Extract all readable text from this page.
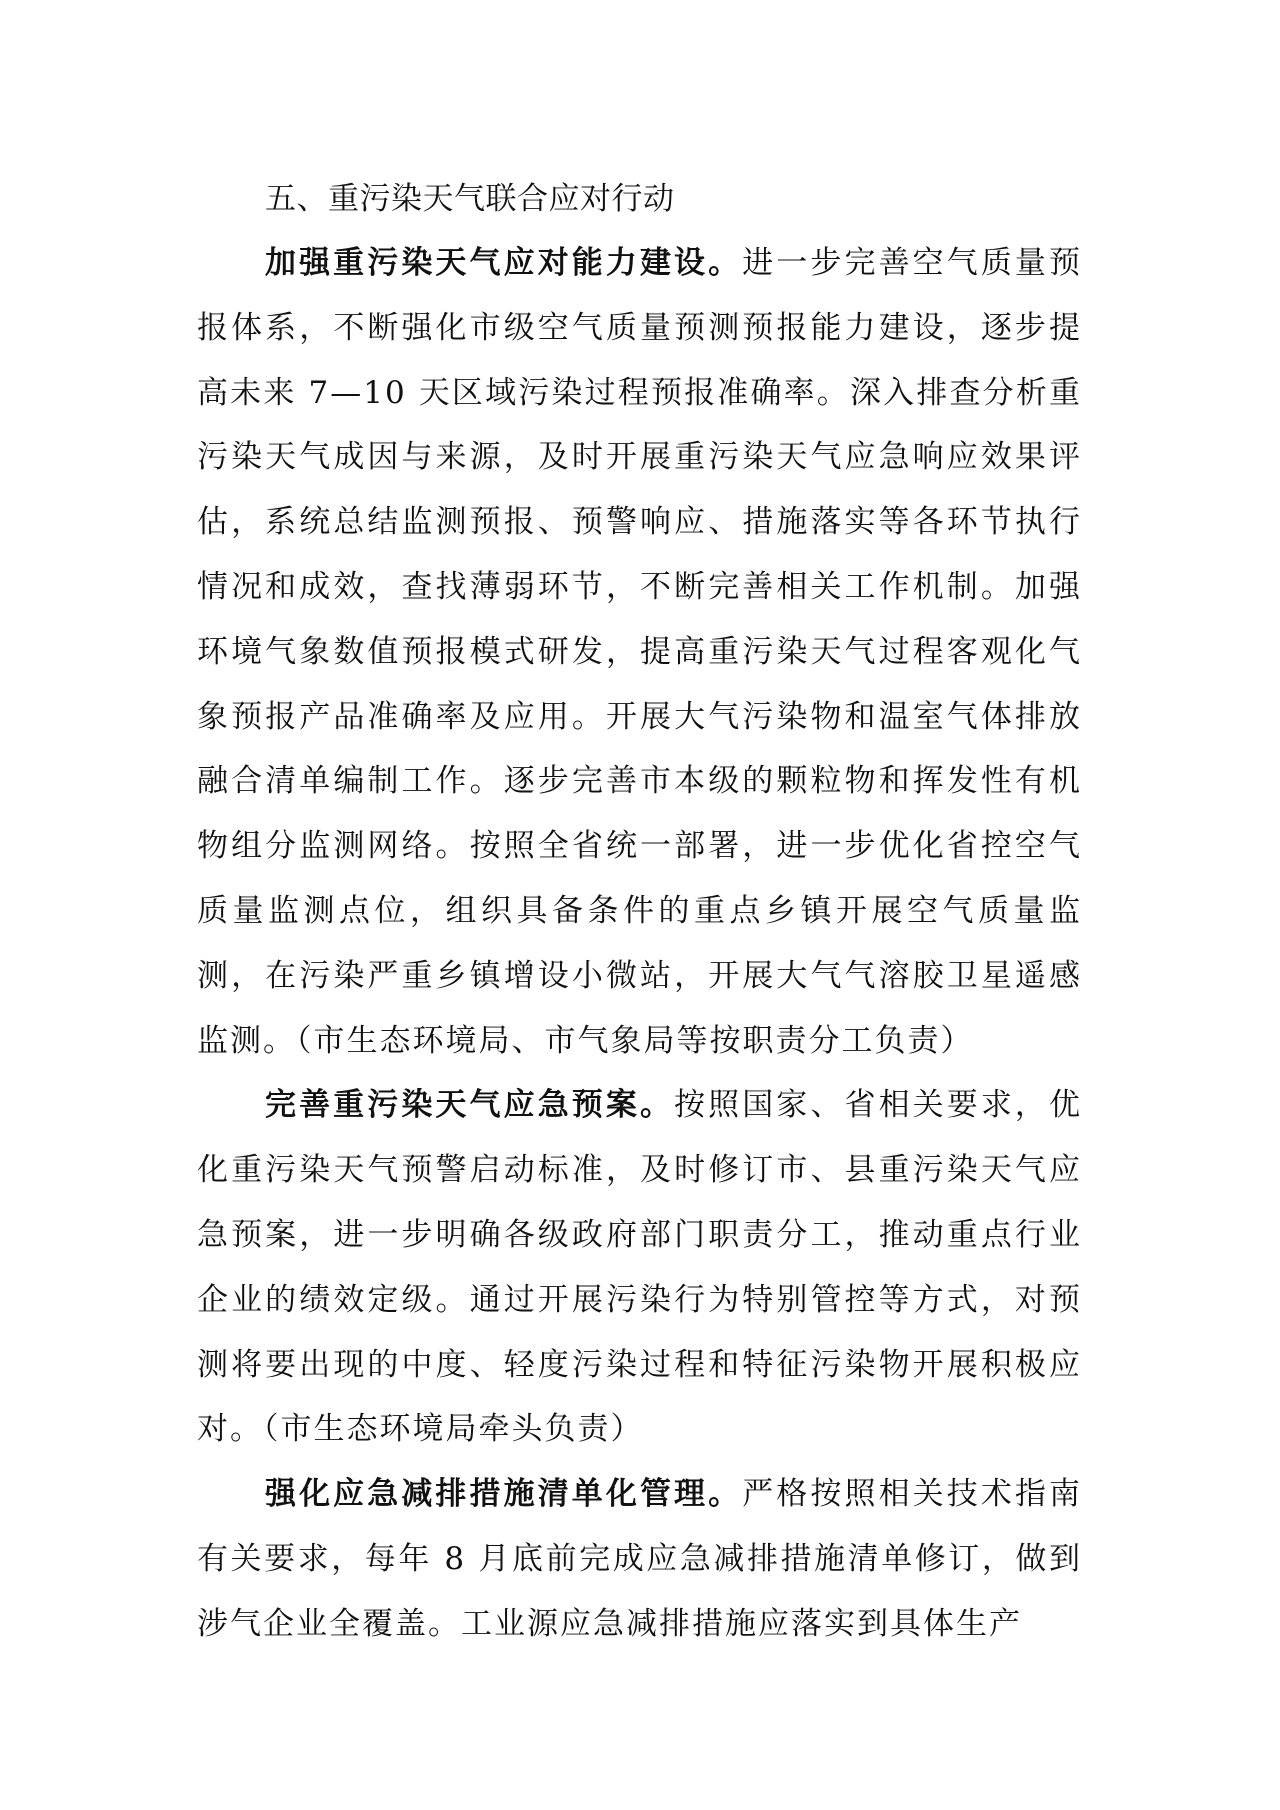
五、重污染天气联合应对行动

加强重污染天气应对能力建设。进一步完善空气质量预报体系，不断强化市级空气质量预测预报能力建设，逐步提高未来 7—10 天区域污染过程预报准确率。深入排查分析重污染天气成因与来源，及时开展重污染天气应急响应效果评估，系统总结监测预报、预警响应、措施落实等各环节执行情况和成效，查找薄弱环节，不断完善相关工作机制。加强环境气象数值预报模式研发，提高重污染天气过程客观化气象预报产品准确率及应用。开展大气污染物和温室气体排放融合清单编制工作。逐步完善市本级的颗粒物和挥发性有机物组分监测网络。按照全省统一部署，进一步优化省控空气质量监测点位，组织具备条件的重点乡镇开展空气质量监测，在污染严重乡镇增设小微站，开展大气气溶胶卫星遥感监测。（市生态环境局、市气象局等按职责分工负责）

完善重污染天气应急预案。按照国家、省相关要求，优化重污染天气预警启动标准，及时修订市、县重污染天气应急预案，进一步明确各级政府部门职责分工，推动重点行业企业的绩效定级。通过开展污染行为特别管控等方式，对预测将要出现的中度、轻度污染过程和特征污染物开展积极应对。（市生态环境局牵头负责）

强化应急减排措施清单化管理。严格按照相关技术指南有关要求，每年 8 月底前完成应急减排措施清单修订，做到涉气企业全覆盖。工业源应急减排措施应落实到具体生产
